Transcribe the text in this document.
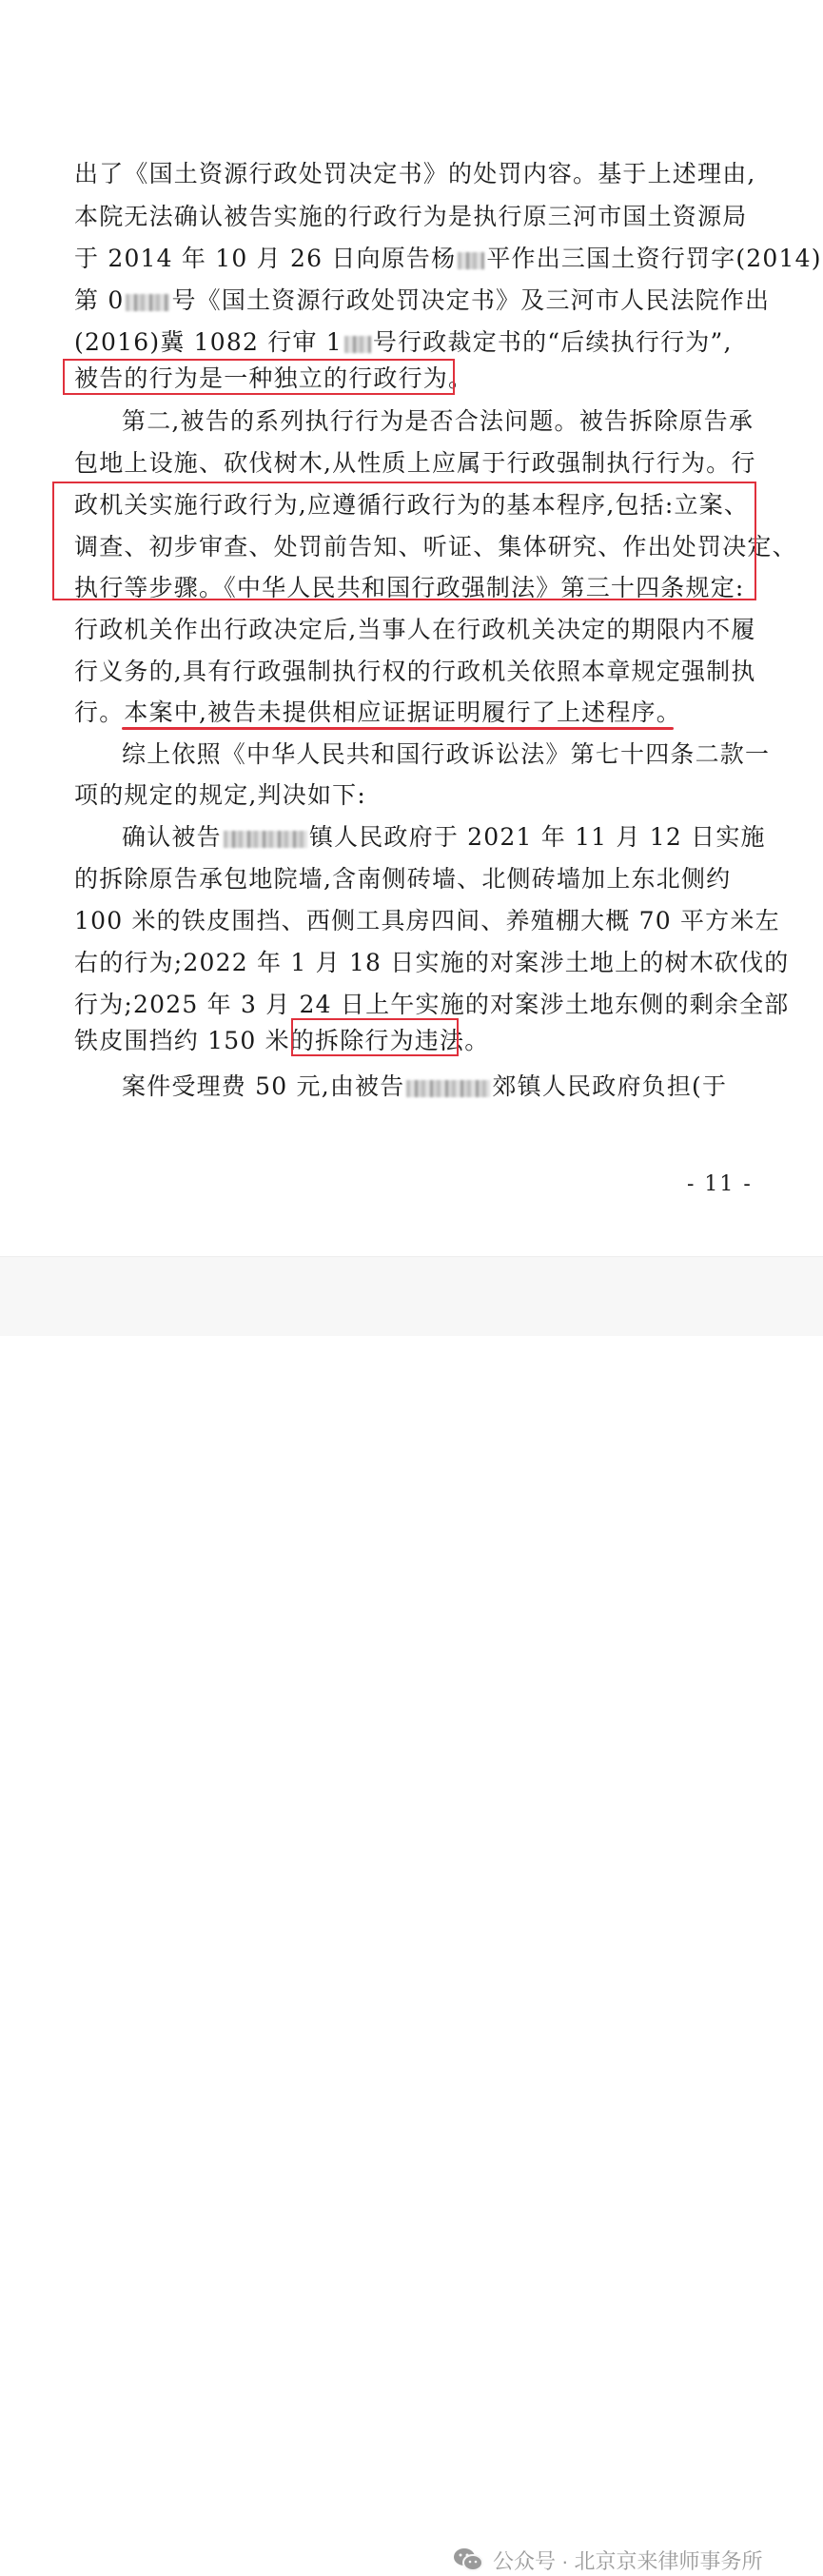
出了《国土资源行政处罚决定书》的处罚内容。基于上述理由,
本院无法确认被告实施的行政行为是执行原三河市国土资源局
于 2014 年 10 月 26 日向原告杨 平作出三国土资行罚字(2014)
第 0 号《国土资源行政处罚决定书》及三河市人民法院作出
(2016)冀 1082 行审 1 号行政裁定书的“后续执行行为”,
被告的行为是一种独立的行政行为。
第二,被告的系列执行行为是否合法问题。被告拆除原告承
包地上设施、砍伐树木,从性质上应属于行政强制执行行为。行
政机关实施行政行为,应遵循行政行为的基本程序,包括:立案、
调查、初步审查、处罚前告知、听证、集体研究、作出处罚决定、
执行等步骤。《中华人民共和国行政强制法》第三十四条规定:
行政机关作出行政决定后,当事人在行政机关决定的期限内不履
行义务的,具有行政强制执行权的行政机关依照本章规定强制执
行。本案中,被告未提供相应证据证明履行了上述程序。
综上依照《中华人民共和国行政诉讼法》第七十四条二款一
项的规定的规定,判决如下:
确认被告	镇人民政府于 2021 年 11 月 12 日实施
的拆除原告承包地院墙,含南侧砖墙、北侧砖墙加上东北侧约
100 米的铁皮围挡、西侧工具房四间、养殖棚大概 70 平方米左
右的行为;2022 年 1 月 18 日实施的对案涉土地上的树木砍伐的
行为;2025 年 3 月 24 日上午实施的对案涉土地东侧的剩余全部
铁皮围挡约 150 米的拆除行为违法。
案件受理费 50 元,由被告	郊镇人民政府负担(于
- 11 -
公众号 · 北京京来律师事务所
